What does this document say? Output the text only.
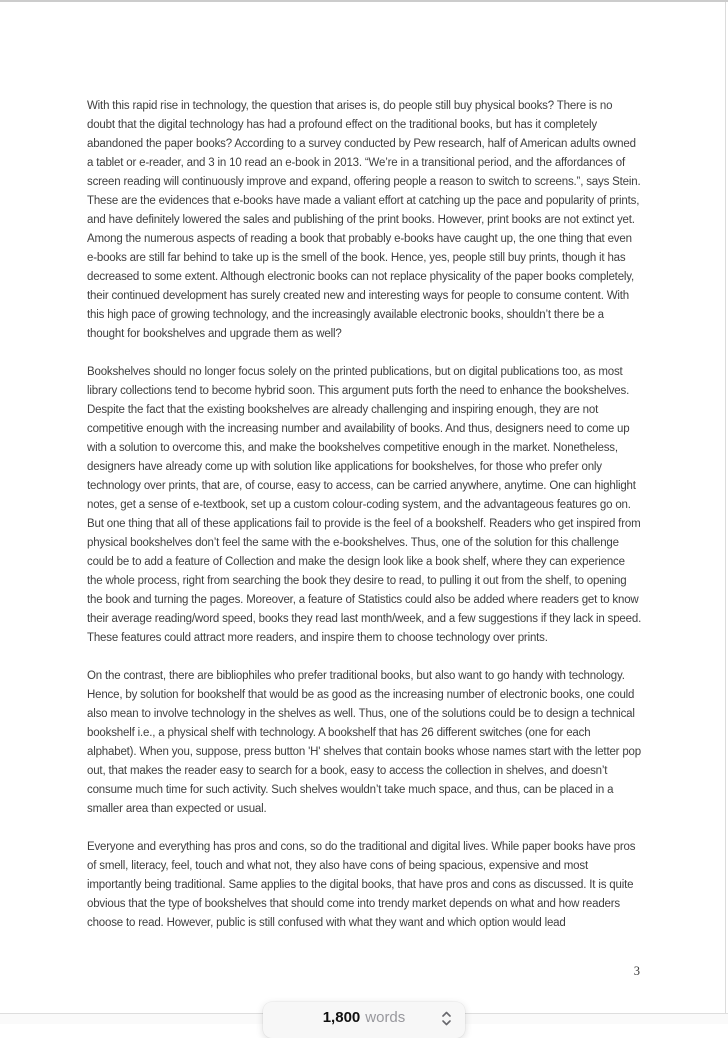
With this rapid rise in technology, the question that arises is, do people still buy physical books? There is no doubt that the digital technology has had a profound effect on the traditional books, but has it completely abandoned the paper books? According to a survey conducted by Pew research, half of American adults owned a tablet or e-reader, and 3 in 10 read an e-book in 2013. “We’re in a transitional period, and the affordances of screen reading will continuously improve and expand, offering people a reason to switch to screens.”, says Stein. These are the evidences that e-books have made a valiant effort at catching up the pace and popularity of prints, and have definitely lowered the sales and publishing of the print books. However, print books are not extinct yet. Among the numerous aspects of reading a book that probably e-books have caught up, the one thing that even e-books are still far behind to take up is the smell of the book. Hence, yes, people still buy prints, though it has decreased to some extent. Although electronic books can not replace physicality of the paper books completely, their continued development has surely created new and interesting ways for people to consume content. With this high pace of growing technology, and the increasingly available electronic books, shouldn’t there be a thought for bookshelves and upgrade them as well?

Bookshelves should no longer focus solely on the printed publications, but on digital publications too, as most library collections tend to become hybrid soon. This argument puts forth the need to enhance the bookshelves. Despite the fact that the existing bookshelves are already challenging and inspiring enough, they are not competitive enough with the increasing number and availability of books. And thus, designers need to come up with a solution to overcome this, and make the bookshelves competitive enough in the market. Nonetheless, designers have already come up with solution like applications for bookshelves, for those who prefer only technology over prints, that are, of course, easy to access, can be carried anywhere, anytime. One can highlight notes, get a sense of e-textbook, set up a custom colour-coding system, and the advantageous features go on. But one thing that all of these applications fail to provide is the feel of a bookshelf. Readers who get inspired from physical bookshelves don’t feel the same with the e-bookshelves. Thus, one of the solution for this challenge could be to add a feature of Collection and make the design look like a book shelf, where they can experience the whole process, right from searching the book they desire to read, to pulling it out from the shelf, to opening the book and turning the pages. Moreover, a feature of Statistics could also be added where readers get to know their average reading/word speed, books they read last month/week, and a few suggestions if they lack in speed. These features could attract more readers, and inspire them to choose technology over prints.

On the contrast, there are bibliophiles who prefer traditional books, but also want to go handy with technology. Hence, by solution for bookshelf that would be as good as the increasing number of electronic books, one could also mean to involve technology in the shelves as well. Thus, one of the solutions could be to design a technical bookshelf i.e., a physical shelf with technology. A bookshelf that has 26 different switches (one for each alphabet). When you, suppose, press button 'H' shelves that contain books whose names start with the letter pop out, that makes the reader easy to search for a book, easy to access the collection in shelves, and doesn’t consume much time for such activity. Such shelves wouldn’t take much space, and thus, can be placed in a smaller area than expected or usual.

Everyone and everything has pros and cons, so do the traditional and digital lives. While paper books have pros of smell, literacy, feel, touch and what not, they also have cons of being spacious, expensive and most importantly being traditional. Same applies to the digital books, that have pros and cons as discussed. It is quite obvious that the type of bookshelves that should come into trendy market depends on what and how readers choose to read. However, public is still confused with what they want and which option would lead

3
1,800 words
